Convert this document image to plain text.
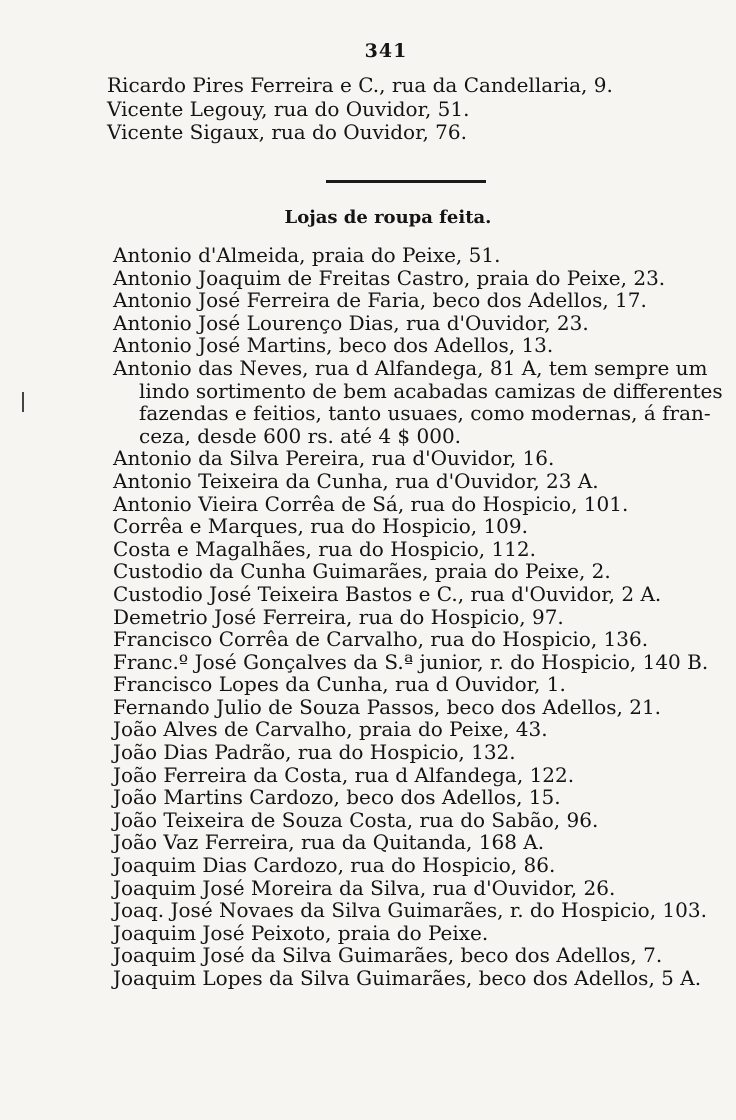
341
Ricardo Pires Ferreira e C., rua da Candellaria, 9.
Vicente Legouy, rua do Ouvidor, 51.
Vicente Sigaux, rua do Ouvidor, 76.
Lojas de roupa feita.
Antonio d'Almeida, praia do Peixe, 51.
Antonio Joaquim de Freitas Castro, praia do Peixe, 23.
Antonio José Ferreira de Faria, beco dos Adellos, 17.
Antonio José Lourenço Dias, rua d'Ouvidor, 23.
Antonio José Martins, beco dos Adellos, 13.
Antonio das Neves, rua d Alfandega, 81 A, tem sempre um
lindo sortimento de bem acabadas camizas de differentes
fazendas e feitios, tanto usuaes, como modernas, á fran-
ceza, desde 600 rs. até 4 $ 000.
Antonio da Silva Pereira, rua d'Ouvidor, 16.
Antonio Teixeira da Cunha, rua d'Ouvidor, 23 A.
Antonio Vieira Corrêa de Sá, rua do Hospicio, 101.
Corrêa e Marques, rua do Hospicio, 109.
Costa e Magalhães, rua do Hospicio, 112.
Custodio da Cunha Guimarães, praia do Peixe, 2.
Custodio José Teixeira Bastos e C., rua d'Ouvidor, 2 A.
Demetrio José Ferreira, rua do Hospicio, 97.
Francisco Corrêa de Carvalho, rua do Hospicio, 136.
Franc.º José Gonçalves da S.ª junior, r. do Hospicio, 140 B.
Francisco Lopes da Cunha, rua d Ouvidor, 1.
Fernando Julio de Souza Passos, beco dos Adellos, 21.
João Alves de Carvalho, praia do Peixe, 43.
João Dias Padrão, rua do Hospicio, 132.
João Ferreira da Costa, rua d Alfandega, 122.
João Martins Cardozo, beco dos Adellos, 15.
João Teixeira de Souza Costa, rua do Sabão, 96.
João Vaz Ferreira, rua da Quitanda, 168 A.
Joaquim Dias Cardozo, rua do Hospicio, 86.
Joaquim José Moreira da Silva, rua d'Ouvidor, 26.
Joaq. José Novaes da Silva Guimarães, r. do Hospicio, 103.
Joaquim José Peixoto, praia do Peixe.
Joaquim José da Silva Guimarães, beco dos Adellos, 7.
Joaquim Lopes da Silva Guimarães, beco dos Adellos, 5 A.
